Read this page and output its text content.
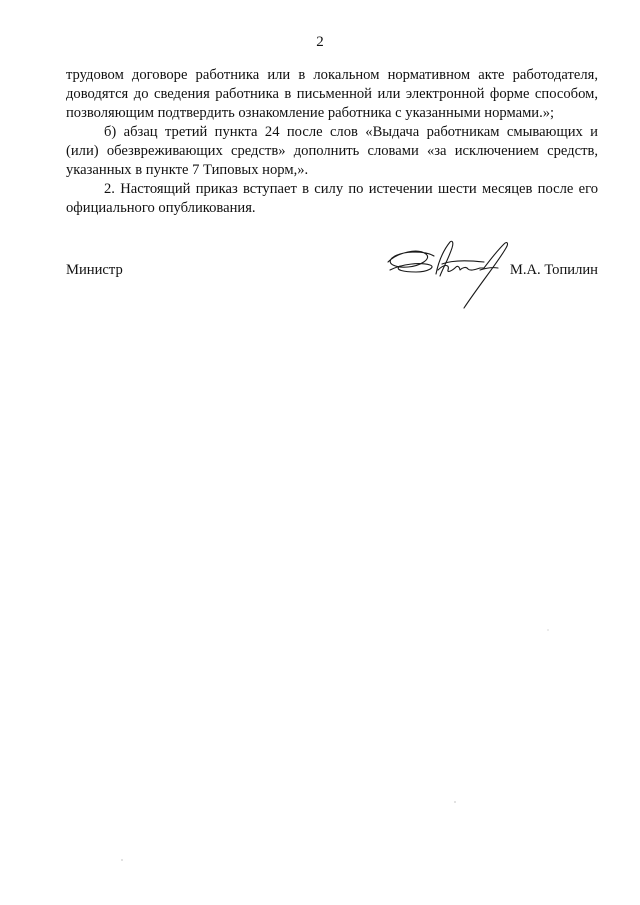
2

трудовом договоре работника или в локальном нормативном акте работодателя,
доводятся до сведения работника в письменной или электронной форме способом,
позволяющим подтвердить ознакомление работника с указанными нормами.»;

б) абзац третий пункта 24 после слов «Выдача работникам смывающих и
(или) обезвреживающих средств» дополнить словами «за исключением средств,
указанных в пункте 7 Типовых норм,».

2. Настоящий приказ вступает в силу по истечении шести месяцев после его
официального опубликования.

Министр	М.А. Топилин
